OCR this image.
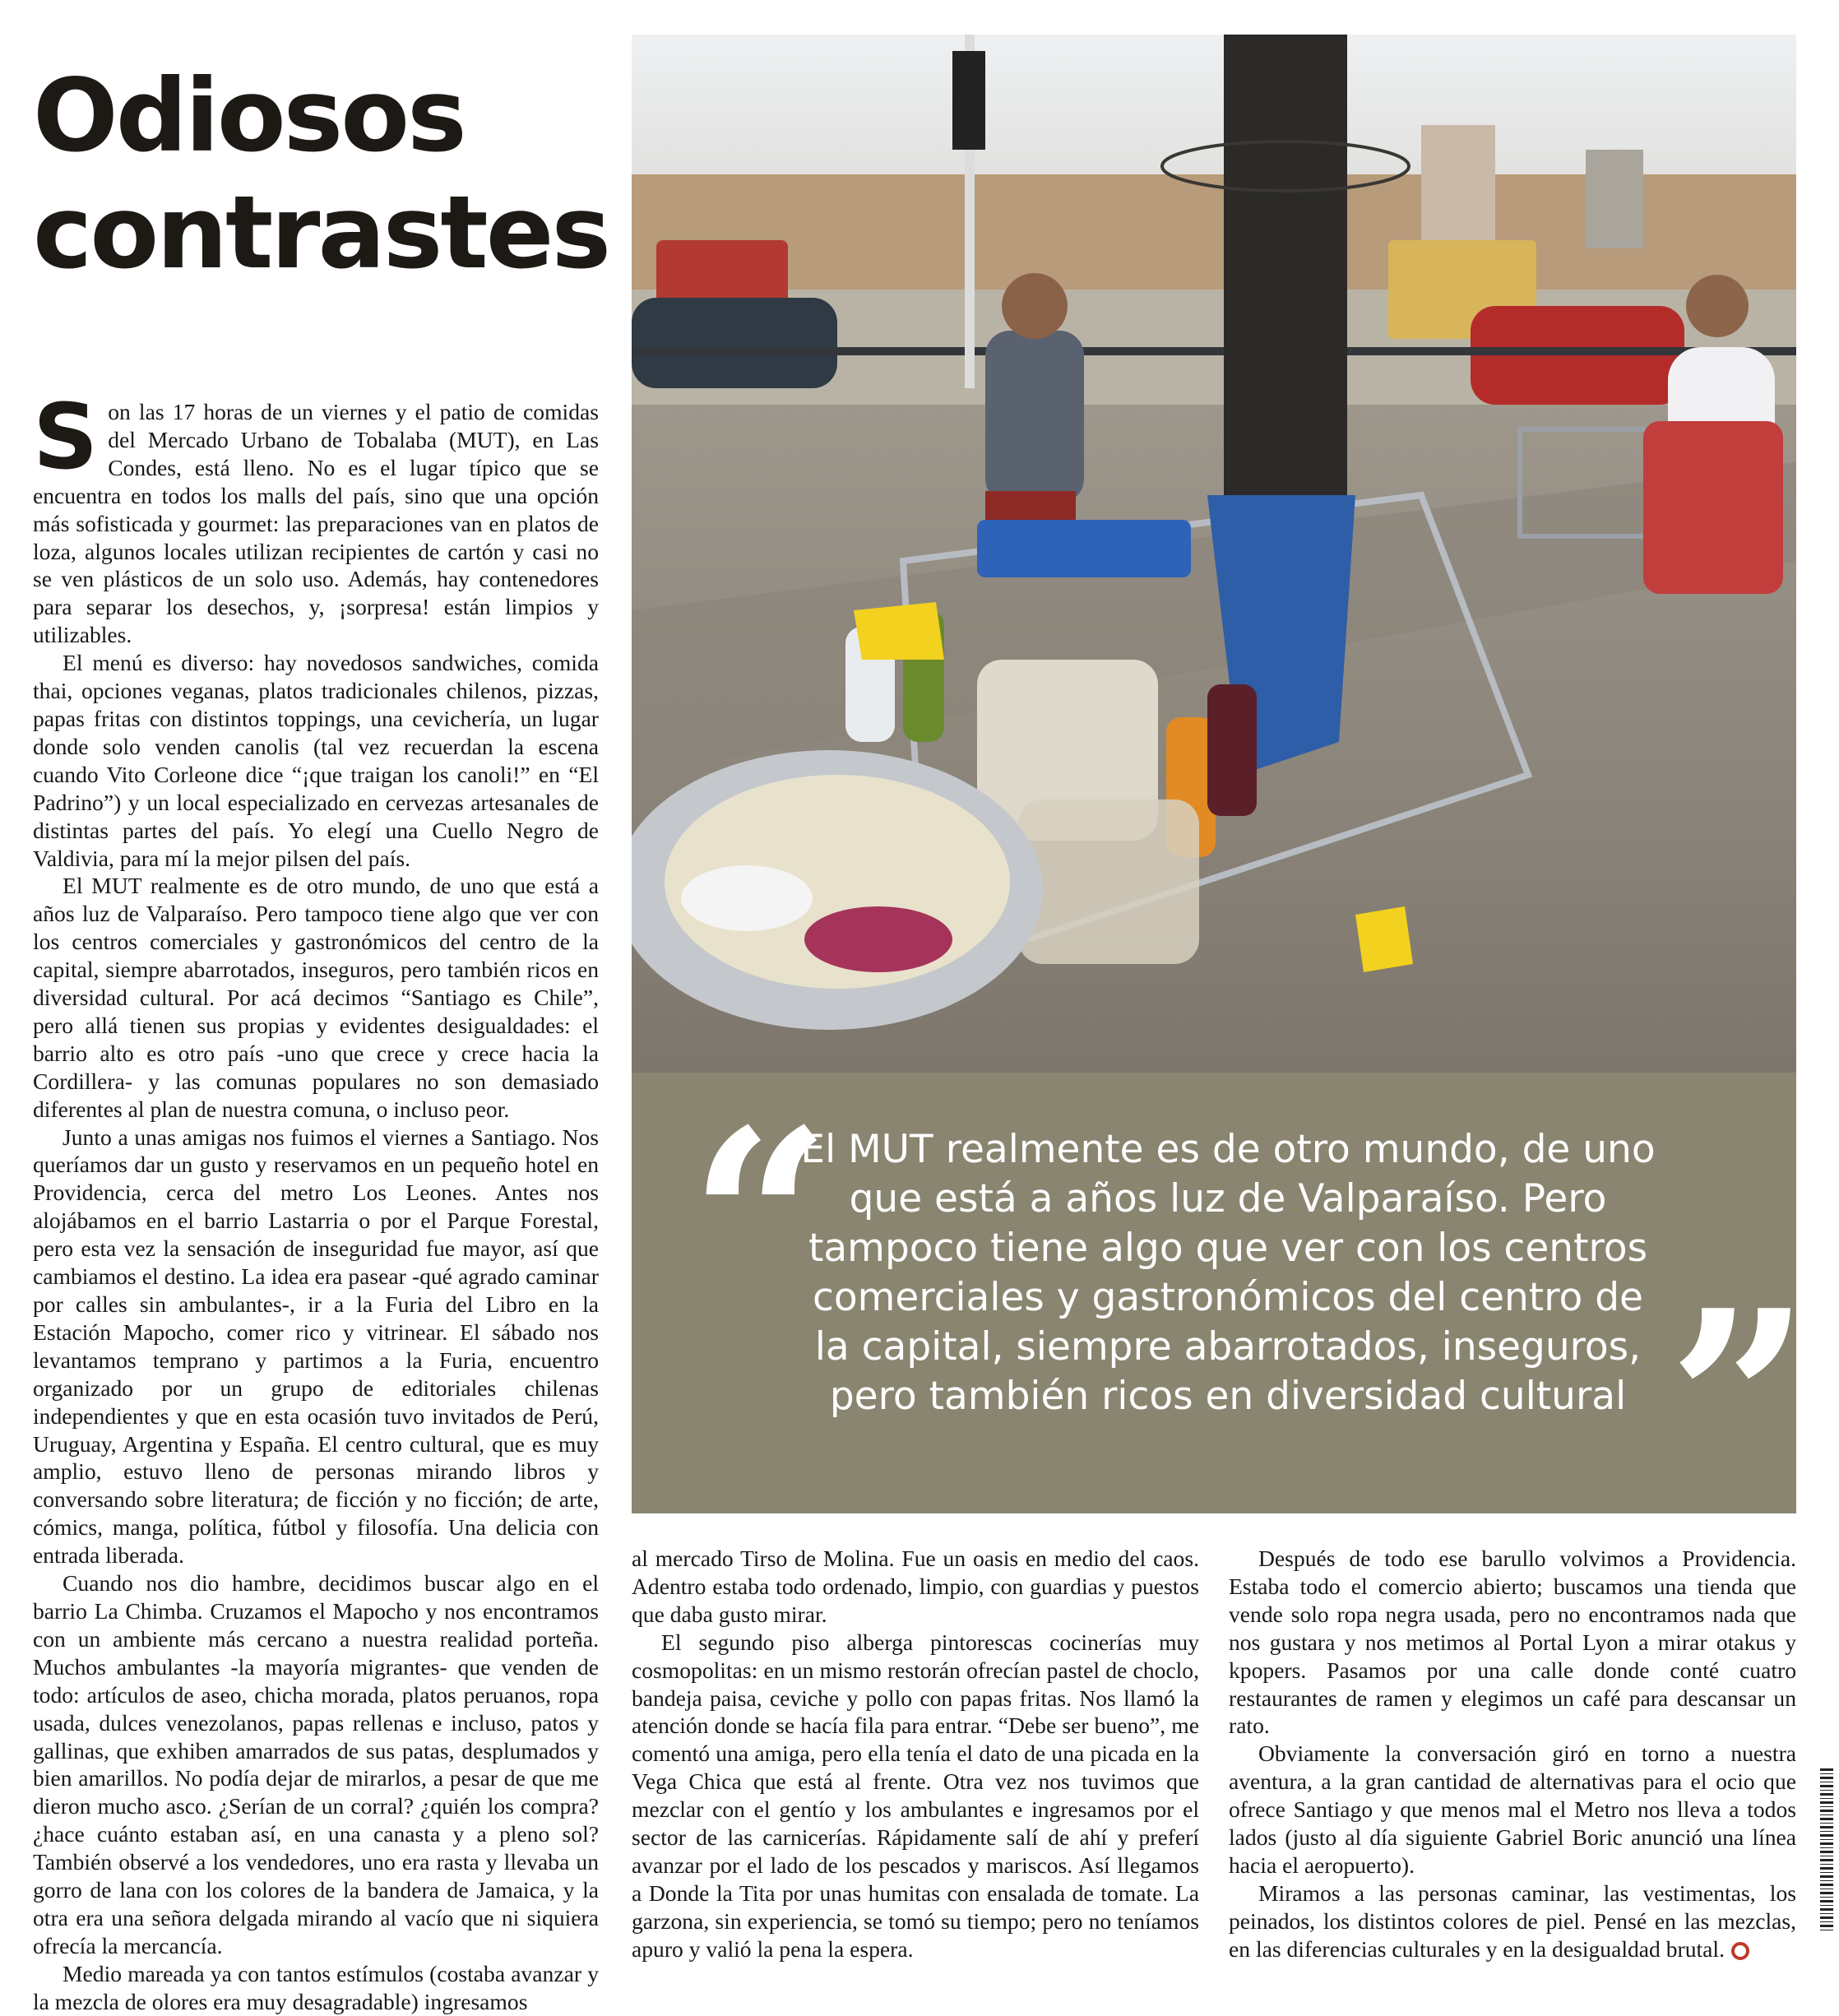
Odiosos
contrastes
“

El MUT realmente es de otro mundo, de uno que está a años luz de Valparaíso. Pero tampoco tiene algo que ver con los centros comerciales y gastronómicos del centro de la capital, siempre abarrotados, inseguros, pero también ricos en diversidad cultural ”

Son las 17 horas de un viernes y el patio de comidas del Mercado Urbano de Tobalaba (MUT), en Las Condes, está lleno. No es el lugar típico que se encuentra en todos los malls del país, sino que una opción más sofisticada y gourmet: las preparaciones van en platos de loza, algunos locales utilizan recipientes de cartón y casi no se ven plásticos de un solo uso. Además, hay contenedores para separar los desechos, y, ¡sorpresa! están limpios y utilizables.

El menú es diverso: hay novedosos sandwiches, comida thai, opciones veganas, platos tradicionales chilenos, pizzas, papas fritas con distintos toppings, una cevichería, un lugar donde solo venden canolis (tal vez recuerdan la escena cuando Vito Corleone dice “¡que traigan los canoli!” en “El Padrino”) y un local especializado en cervezas artesanales de distintas partes del país. Yo elegí una Cuello Negro de Valdivia, para mí la mejor pilsen del país.

El MUT realmente es de otro mundo, de uno que está a años luz de Valparaíso. Pero tampoco tiene algo que ver con los centros comerciales y gastronómicos del centro de la capital, siempre abarrotados, inseguros, pero también ricos en diversidad cultural. Por acá decimos “Santiago es Chile”, pero allá tienen sus propias y evidentes desigualdades: el barrio alto es otro país -uno que crece y crece hacia la Cordillera- y las comunas populares no son demasiado diferentes al plan de nuestra comuna, o incluso peor.

Junto a unas amigas nos fuimos el viernes a Santiago. Nos queríamos dar un gusto y reservamos en un pequeño hotel en Providencia, cerca del metro Los Leones. Antes nos alojábamos en el barrio Lastarria o por el Parque Forestal, pero esta vez la sensación de inseguridad fue mayor, así que cambiamos el destino. La idea era pasear -qué agrado caminar por calles sin ambulantes-, ir a la Furia del Libro en la Estación Mapocho, comer rico y vitrinear. El sábado nos levantamos temprano y partimos a la Furia, encuentro organizado por un grupo de editoriales chilenas independientes y que en esta ocasión tuvo invitados de Perú, Uruguay, Argentina y España. El centro cultural, que es muy amplio, estuvo lleno de personas mirando libros y conversando sobre literatura; de ficción y no ficción; de arte, cómics, manga, política, fútbol y filosofía. Una delicia con entrada liberada.

Cuando nos dio hambre, decidimos buscar algo en el barrio La Chimba. Cruzamos el Mapocho y nos encontramos con un ambiente más cercano a nuestra realidad porteña. Muchos ambulantes -la mayoría migrantes- que venden de todo: artículos de aseo, chicha morada, platos peruanos, ropa usada, dulces venezolanos, papas rellenas e incluso, patos y gallinas, que exhiben amarrados de sus patas, desplumados y bien amarillos. No podía dejar de mirarlos, a pesar de que me dieron mucho asco. ¿Serían de un corral? ¿quién los compra? ¿hace cuánto estaban así, en una canasta y a pleno sol? También observé a los vendedores, uno era rasta y llevaba un gorro de lana con los colores de la bandera de Jamaica, y la otra era una señora delgada mirando al vacío que ni siquiera ofrecía la mercancía.

Medio mareada ya con tantos estímulos (costaba avanzar y la mezcla de olores era muy desagradable) ingresamos

al mercado Tirso de Molina. Fue un oasis en medio del caos. Adentro estaba todo ordenado, limpio, con guardias y puestos que daba gusto mirar.

El segundo piso alberga pintorescas cocinerías muy cosmopolitas: en un mismo restorán ofrecían pastel de choclo, bandeja paisa, ceviche y pollo con papas fritas. Nos llamó la atención donde se hacía fila para entrar. “Debe ser bueno”, me comentó una amiga, pero ella tenía el dato de una picada en la Vega Chica que está al frente. Otra vez nos tuvimos que mezclar con el gentío y los ambulantes e ingresamos por el sector de las carnicerías. Rápidamente salí de ahí y preferí avanzar por el lado de los pescados y mariscos. Así llegamos a Donde la Tita por unas humitas con ensalada de tomate. La garzona, sin experiencia, se tomó su tiempo; pero no teníamos apuro y valió la pena la espera.

Después de todo ese barullo volvimos a Providencia. Estaba todo el comercio abierto; buscamos una tienda que vende solo ropa negra usada, pero no encontramos nada que nos gustara y nos metimos al Portal Lyon a mirar otakus y kpopers. Pasamos por una calle donde conté cuatro restaurantes de ramen y elegimos un café para descansar un rato.

Obviamente la conversación giró en torno a nuestra aventura, a la gran cantidad de alternativas para el ocio que ofrece Santiago y que menos mal el Metro nos lleva a todos lados (justo al día siguiente Gabriel Boric anunció una línea hacia el aeropuerto).

Miramos a las personas caminar, las vestimentas, los peinados, los distintos colores de piel. Pensé en las mezclas, en las diferencias culturales y en la desigualdad brutal.
